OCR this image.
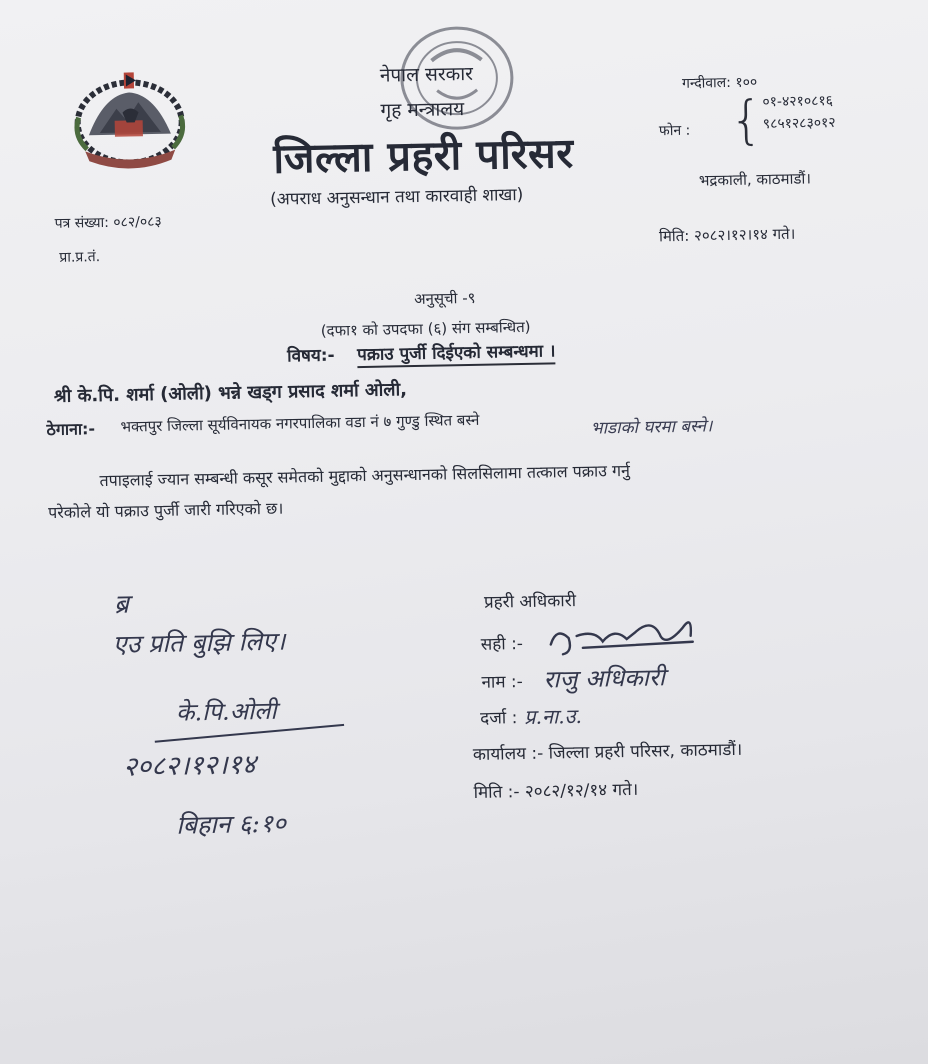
नेपाल सरकार
गृह मन्त्रालय
जिल्ला प्रहरी परिसर
(अपराध अनुसन्धान तथा कारवाही शाखा)
गन्दीवाल: १००
फोन : {
०१-४२१०८१६
९८५१२८३०१२
भद्रकाली, काठमाडौं।
मिति: २०८२।१२।१४ गते।
पत्र संख्या: ०८२/०८३
प्रा.प्र.तं.
अनुसूची -९
(दफा१ को उपदफा (६) संग सम्बन्धित)
विषय:- पक्राउ पुर्जी दिईएको सम्बन्धमा ।
श्री के.पि. शर्मा (ओली) भन्ने खड्ग प्रसाद शर्मा ओली,
ठेगाना:- भक्तपुर जिल्ला सूर्यविनायक नगरपालिका वडा नं ७ गुण्डु स्थित बस्ने	भाडाको घरमा बस्ने।
तपाइलाई ज्यान सम्बन्धी कसूर समेतको मुद्दाको अनुसन्धानको सिलसिलामा तत्काल पक्राउ गर्नु
परेकोले यो पक्राउ पुर्जी जारी गरिएको छ।
ब्र
एउ प्रति बुझि लिए।
के.पि.ओली
२०८२।१२।१४
बिहान ६:१०
प्रहरी अधिकारी
सही :-
नाम :- राजु अधिकारी
दर्जा : प्र.ना.उ.
कार्यालय :- जिल्ला प्रहरी परिसर, काठमाडौं।
मिति :- २०८२/१२/१४ गते।
